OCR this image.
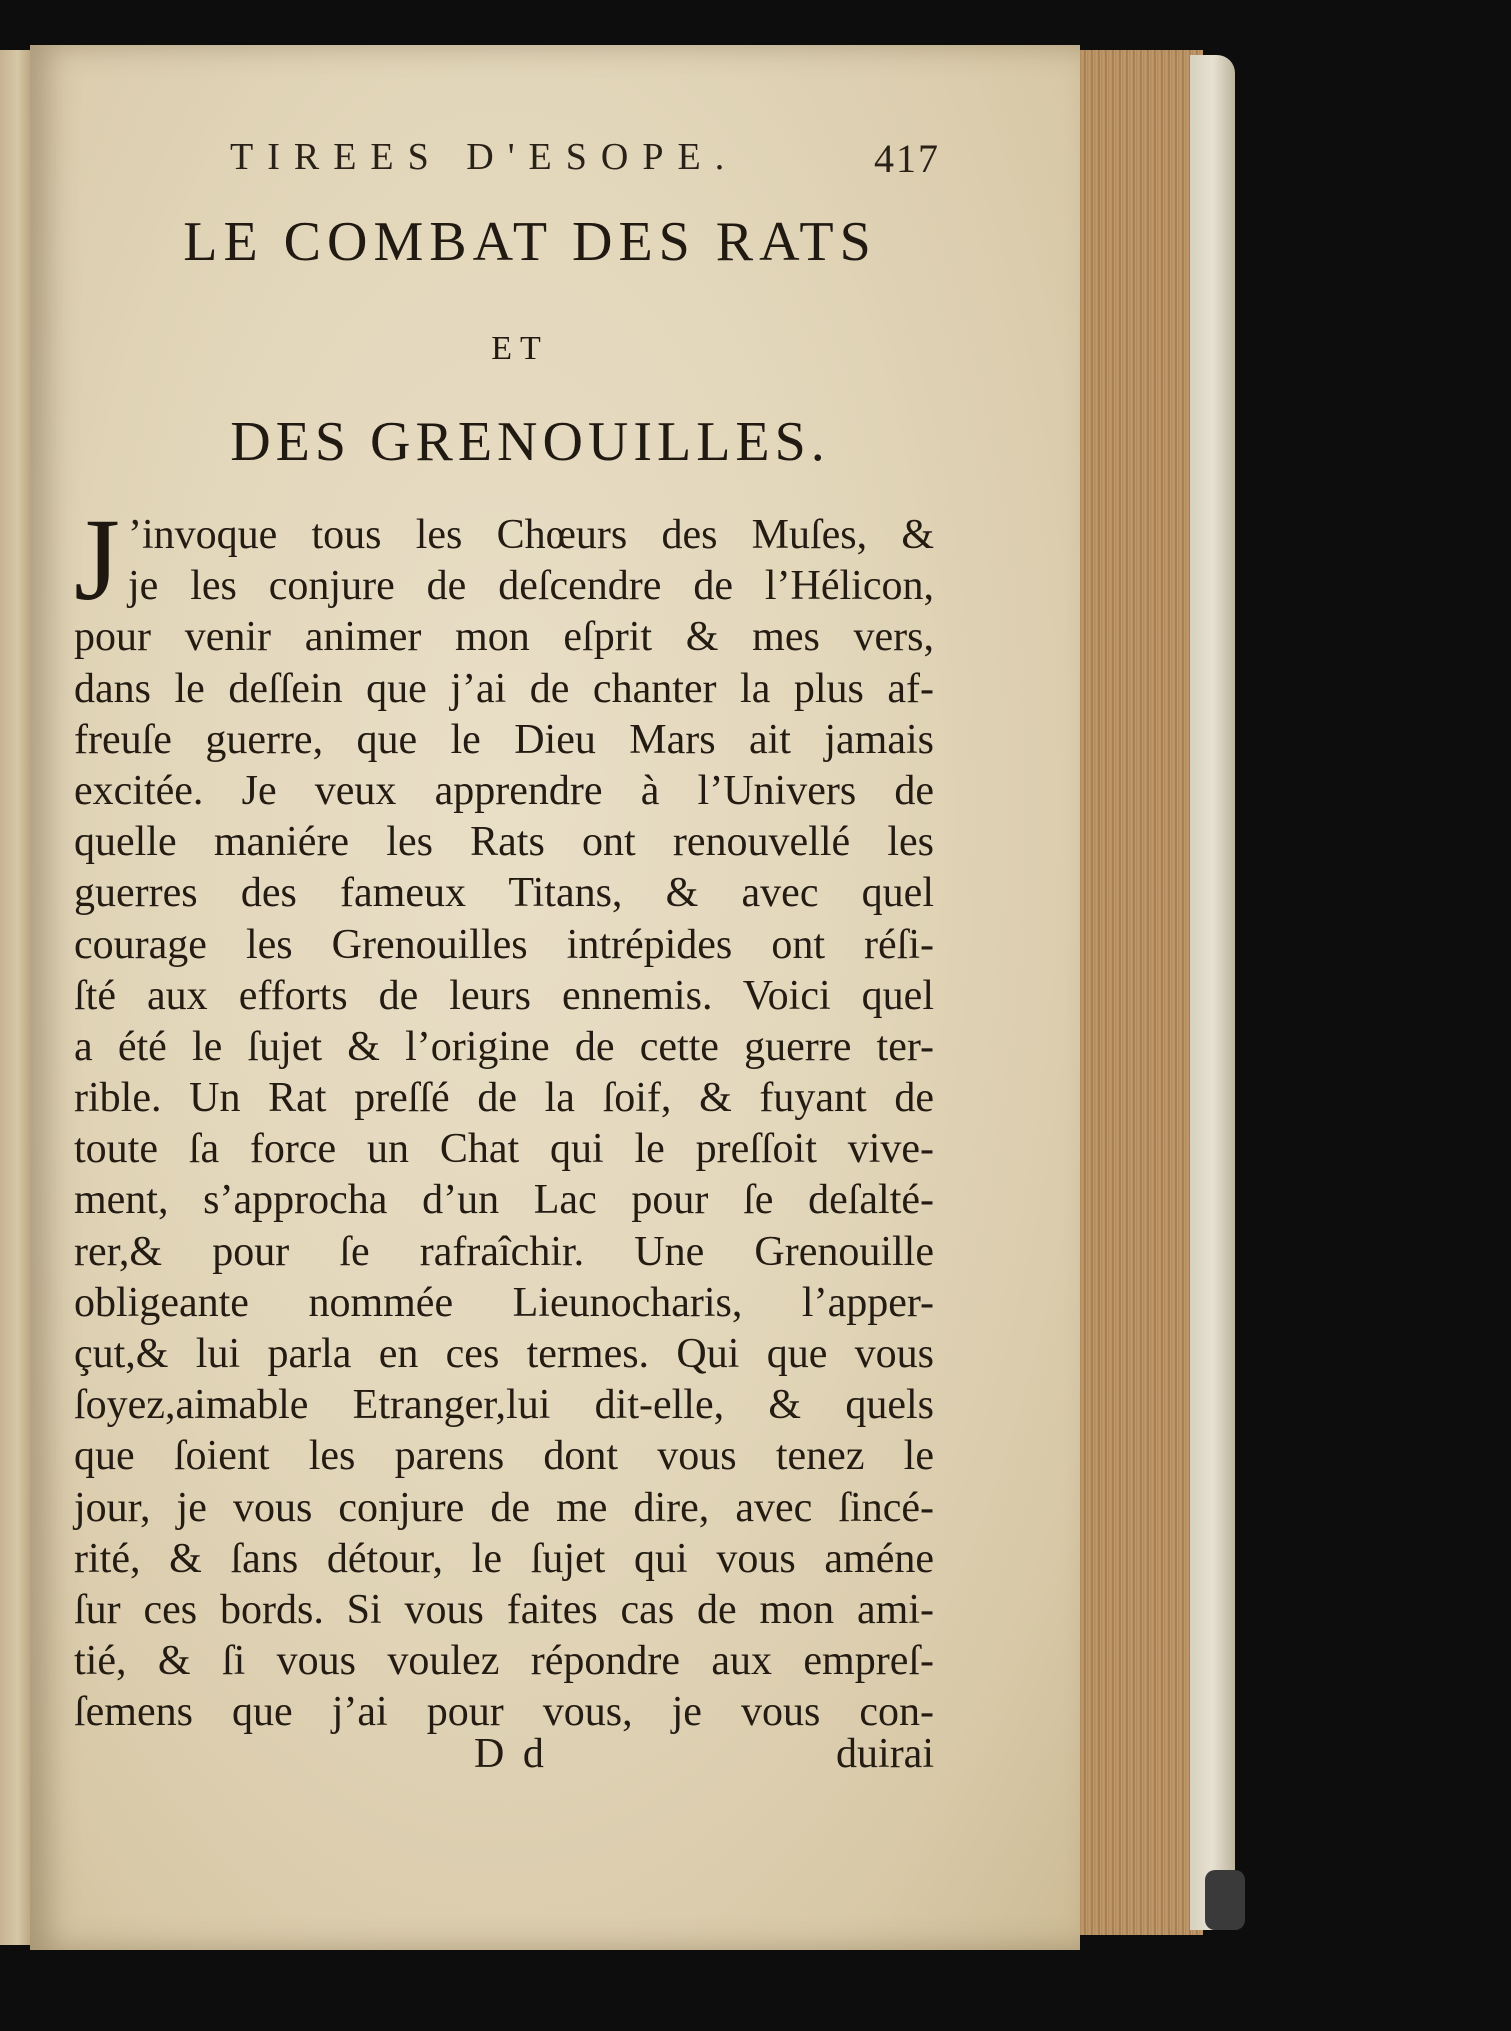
TIREES D'ESOPE.	417
LE COMBAT DES RATS
ET
DES GRENOUILLES.
J ’invoque tous les Chœurs des Muſes, &
je les conjure de deſcendre de l’Hélicon,
pour venir animer mon eſprit & mes vers,
dans le deſſein que j’ai de chanter la plus af-
freuſe guerre, que le Dieu Mars ait jamais
excitée. Je veux apprendre à l’Univers de
quelle maniére les Rats ont renouvellé les
guerres des fameux Titans, & avec quel
courage les Grenouilles intrépides ont réſi-
ſté aux efforts de leurs ennemis. Voici quel
a été le ſujet & l’origine de cette guerre ter-
rible. Un Rat preſſé de la ſoif, & fuyant de
toute ſa force un Chat qui le preſſoit vive-
ment, s’approcha d’un Lac pour ſe deſalté-
rer,& pour ſe rafraîchir. Une Grenouille
obligeante nommée Lieunocharis, l’apper-
çut,& lui parla en ces termes. Qui que vous
ſoyez,aimable Etranger,lui dit-elle, & quels
que ſoient les parens dont vous tenez le
jour, je vous conjure de me dire, avec ſincé-
rité, & ſans détour, le ſujet qui vous améne
ſur ces bords. Si vous faites cas de mon ami-
tié, & ſi vous voulez répondre aux empreſ-
ſemens que j’ai pour vous, je vous con-
D d	duirai
